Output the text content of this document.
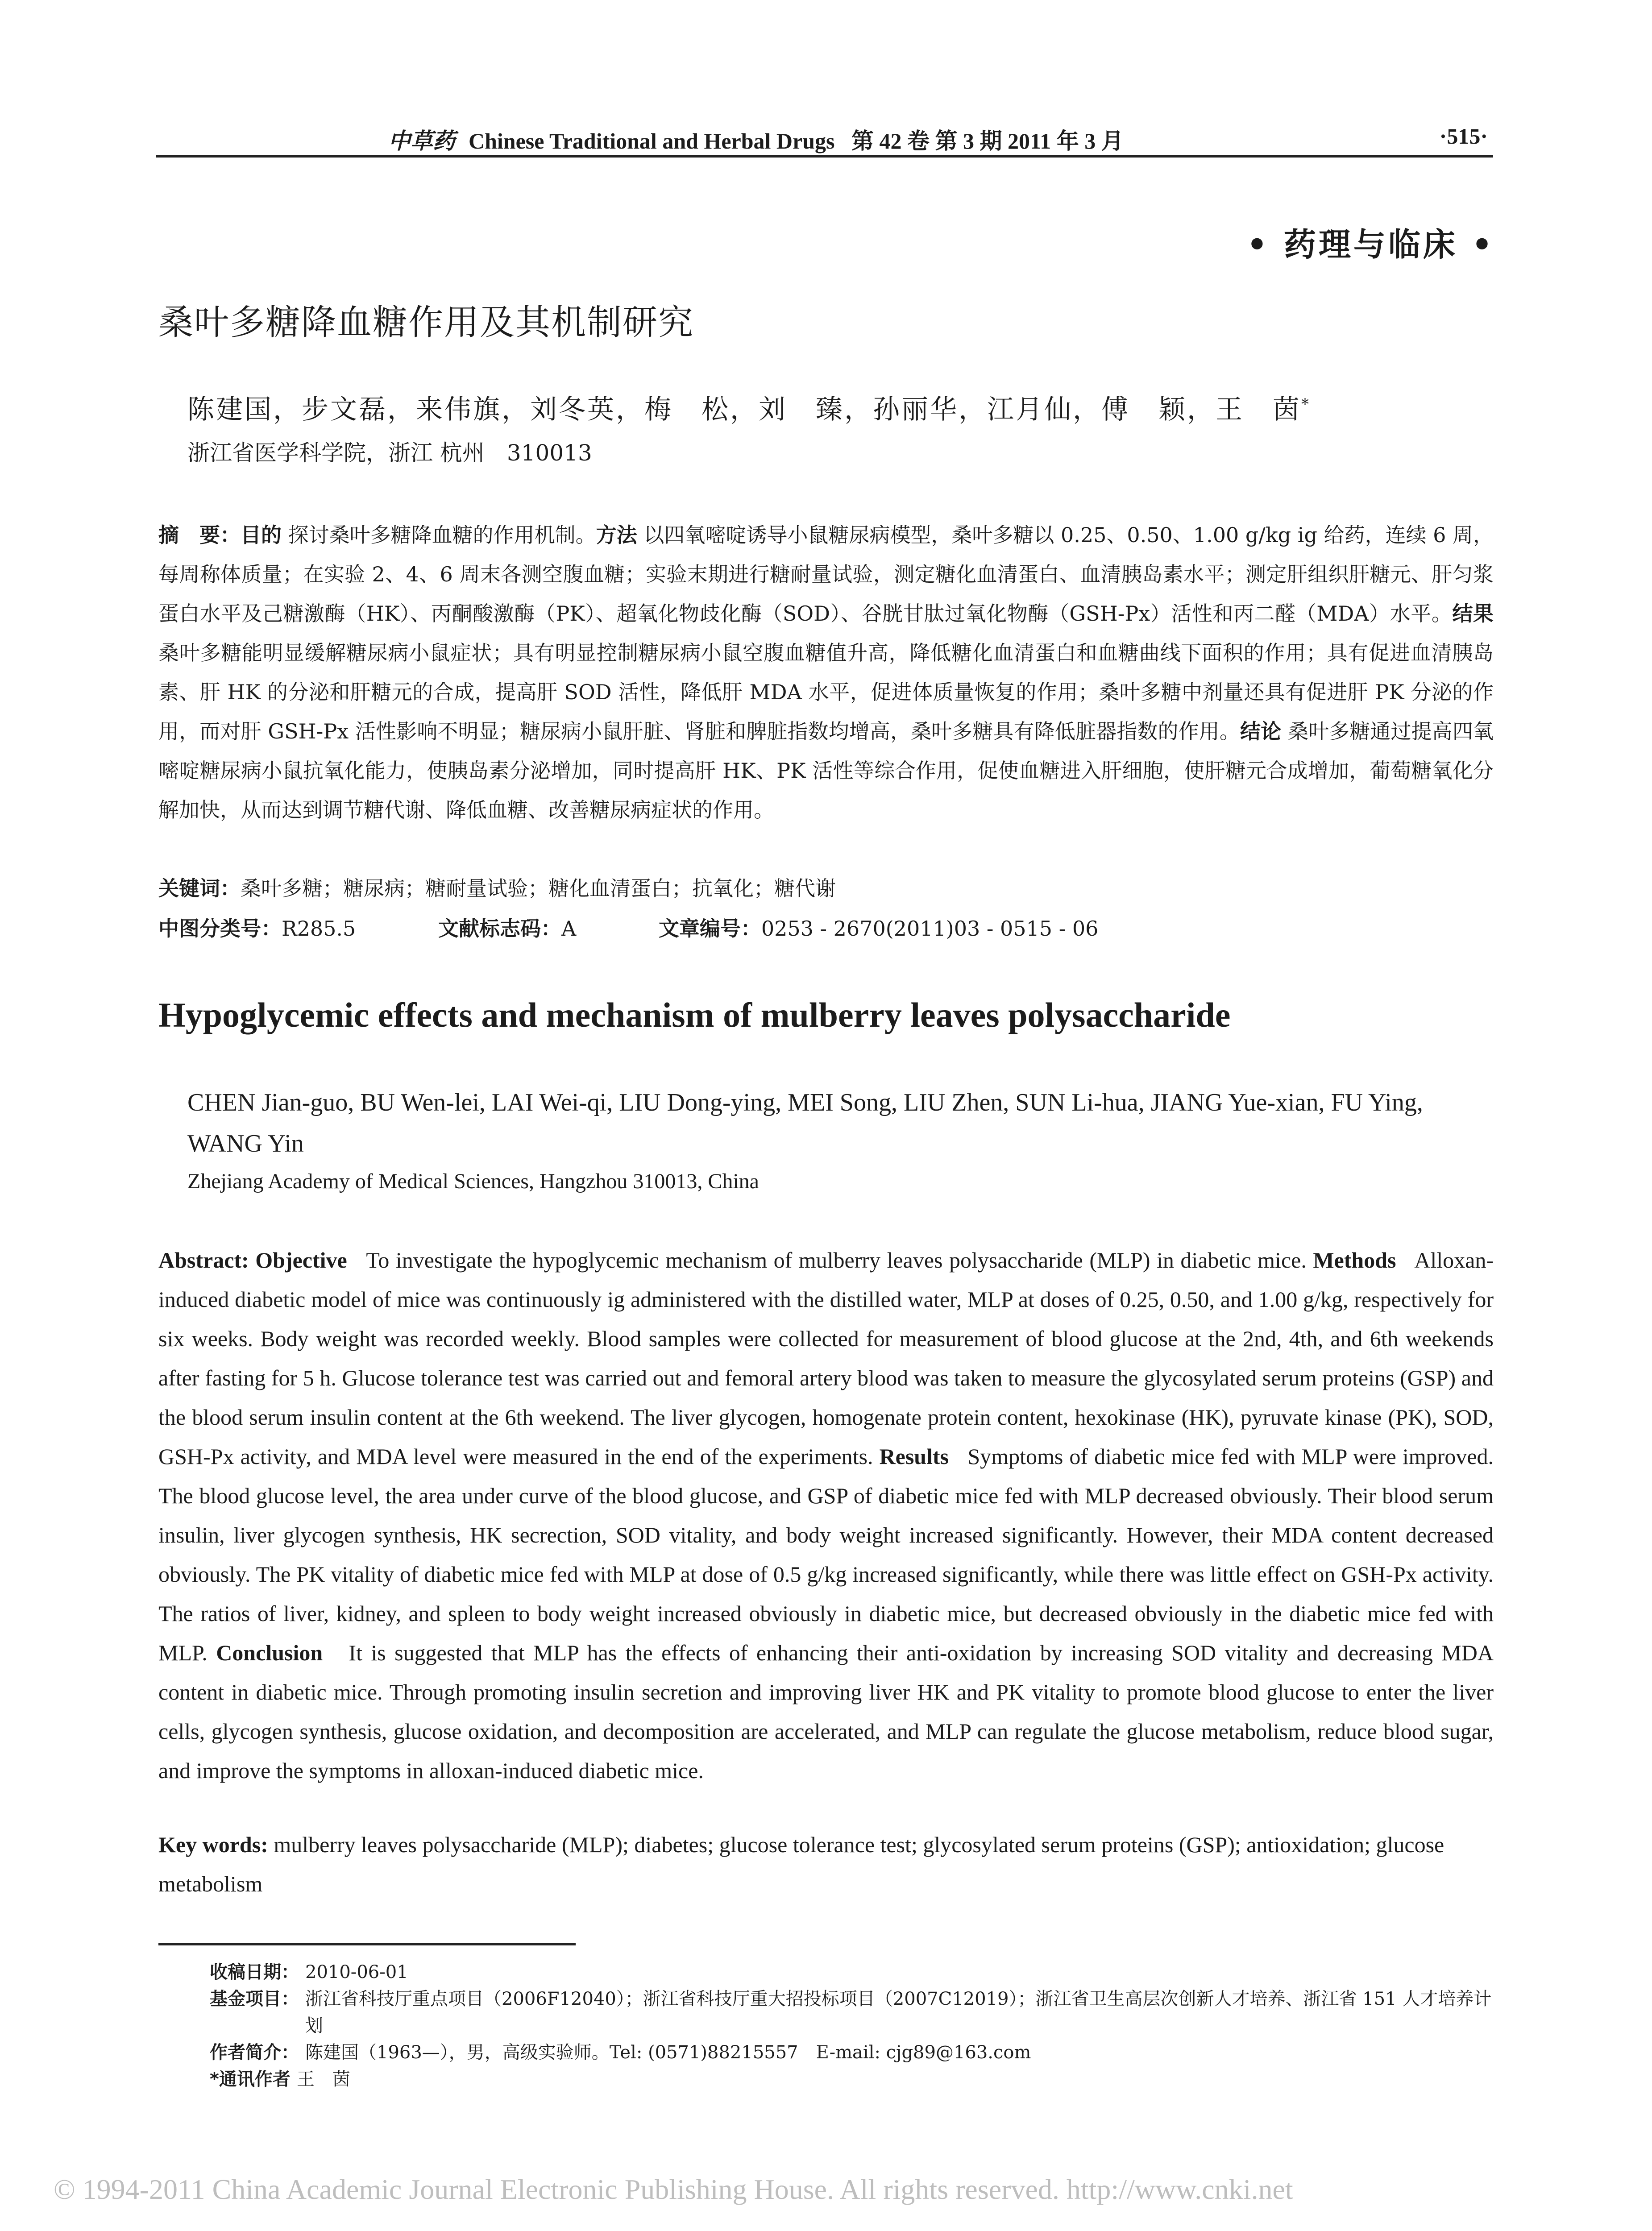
中草药 Chinese Traditional and Herbal Drugs   第 42 卷 第 3 期 2011 年 3 月	·515·
• 药理与临床 •
桑叶多糖降血糖作用及其机制研究
陈建国，步文磊，来伟旗，刘冬英，梅　松，刘　臻，孙丽华，江月仙，傅　颖，王　茵*
浙江省医学科学院，浙江 杭州　310013
摘　要：目的 探讨桑叶多糖降血糖的作用机制。方法 以四氧嘧啶诱导小鼠糖尿病模型，桑叶多糖以 0.25、0.50、1.00 g/kg ig 给药，连续 6 周，每周称体质量；在实验 2、4、6 周末各测空腹血糖；实验末期进行糖耐量试验，测定糖化血清蛋白、血清胰岛素水平；测定肝组织肝糖元、肝匀浆蛋白水平及己糖激酶（HK）、丙酮酸激酶（PK）、超氧化物歧化酶（SOD）、谷胱甘肽过氧化物酶（GSH-Px）活性和丙二醛（MDA）水平。结果 桑叶多糖能明显缓解糖尿病小鼠症状；具有明显控制糖尿病小鼠空腹血糖值升高，降低糖化血清蛋白和血糖曲线下面积的作用；具有促进血清胰岛素、肝 HK 的分泌和肝糖元的合成，提高肝 SOD 活性，降低肝 MDA 水平，促进体质量恢复的作用；桑叶多糖中剂量还具有促进肝 PK 分泌的作用，而对肝 GSH-Px 活性影响不明显；糖尿病小鼠肝脏、肾脏和脾脏指数均增高，桑叶多糖具有降低脏器指数的作用。结论 桑叶多糖通过提高四氧嘧啶糖尿病小鼠抗氧化能力，使胰岛素分泌增加，同时提高肝 HK、PK 活性等综合作用，促使血糖进入肝细胞，使肝糖元合成增加，葡萄糖氧化分解加快，从而达到调节糖代谢、降低血糖、改善糖尿病症状的作用。
关键词：桑叶多糖；糖尿病；糖耐量试验；糖化血清蛋白；抗氧化；糖代谢
中图分类号：R285.5	文献标志码：A	文章编号：0253 - 2670(2011)03 - 0515 - 06
Hypoglycemic effects and mechanism of mulberry leaves polysaccharide
CHEN Jian-guo, BU Wen-lei, LAI Wei-qi, LIU Dong-ying, MEI Song, LIU Zhen, SUN Li-hua, JIANG Yue-xian, FU Ying, WANG Yin
Zhejiang Academy of Medical Sciences, Hangzhou 310013, China
Abstract: Objective To investigate the hypoglycemic mechanism of mulberry leaves polysaccharide (MLP) in diabetic mice. Methods Alloxan-induced diabetic model of mice was continuously ig administered with the distilled water, MLP at doses of 0.25, 0.50, and 1.00 g/kg, respectively for six weeks. Body weight was recorded weekly. Blood samples were collected for measurement of blood glucose at the 2nd, 4th, and 6th weekends after fasting for 5 h. Glucose tolerance test was carried out and femoral artery blood was taken to measure the glycosylated serum proteins (GSP) and the blood serum insulin content at the 6th weekend. The liver glycogen, homogenate protein content, hexokinase (HK), pyruvate kinase (PK), SOD, GSH-Px activity, and MDA level were measured in the end of the experiments. Results Symptoms of diabetic mice fed with MLP were improved. The blood glucose level, the area under curve of the blood glucose, and GSP of diabetic mice fed with MLP decreased obviously. Their blood serum insulin, liver glycogen synthesis, HK secrection, SOD vitality, and body weight increased significantly. However, their MDA content decreased obviously. The PK vitality of diabetic mice fed with MLP at dose of 0.5 g/kg increased significantly, while there was little effect on GSH-Px activity. The ratios of liver, kidney, and spleen to body weight increased obviously in diabetic mice, but decreased obviously in the diabetic mice fed with MLP. Conclusion It is suggested that MLP has the effects of enhancing their anti-oxidation by increasing SOD vitality and decreasing MDA content in diabetic mice. Through promoting insulin secretion and improving liver HK and PK vitality to promote blood glucose to enter the liver cells, glycogen synthesis, glucose oxidation, and decomposition are accelerated, and MLP can regulate the glucose metabolism, reduce blood sugar, and improve the symptoms in alloxan-induced diabetic mice.
Key words: mulberry leaves polysaccharide (MLP); diabetes; glucose tolerance test; glycosylated serum proteins (GSP); antioxidation; glucose metabolism
收稿日期： 2010-06-01
基金项目： 浙江省科技厅重点项目（2006F12040）；浙江省科技厅重大招投标项目（2007C12019）；浙江省卫生高层次创新人才培养、浙江省 151 人才培养计划
作者简介： 陈建国（1963—），男，高级实验师。Tel: (0571)88215557　E-mail: cjg89@163.com
*通讯作者 王　茵
© 1994-2011 China Academic Journal Electronic Publishing House. All rights reserved. http://www.cnki.net
